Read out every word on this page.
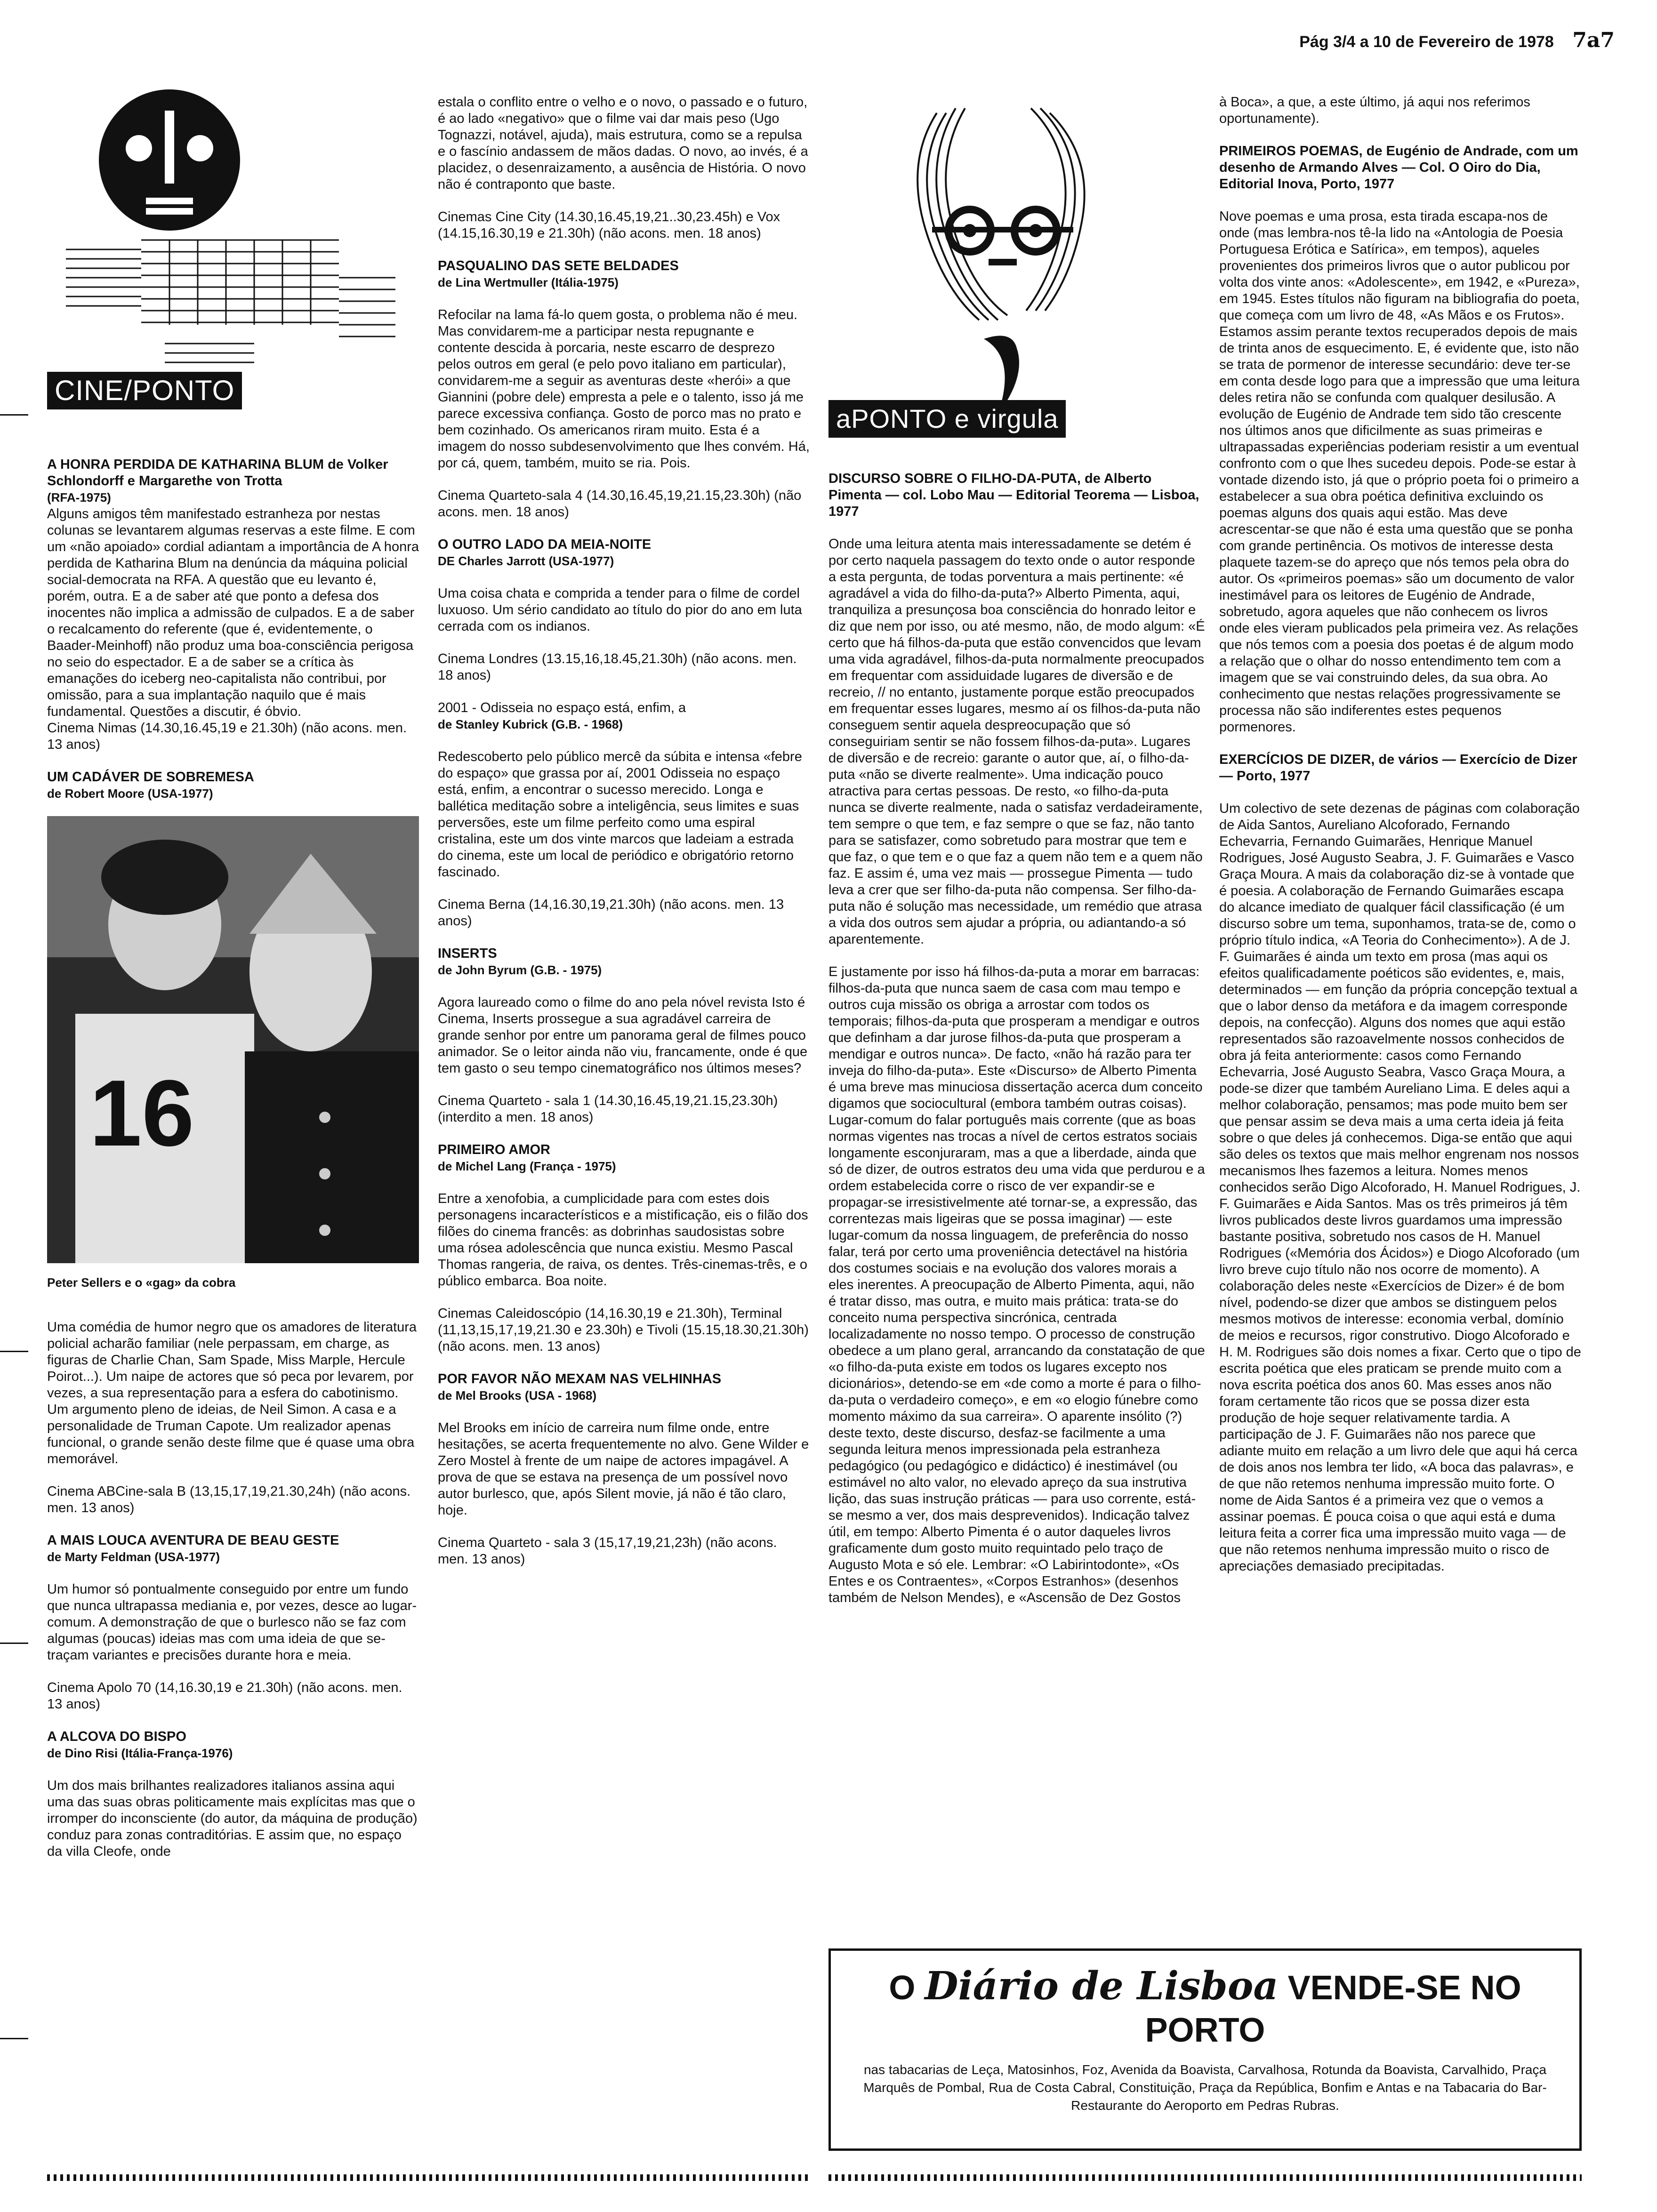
Pág 3/4 a 10 de Fevereiro de 1978 7a7
CINE/PONTO

A HONRA PERDIDA DE KATHARINA BLUM de Volker Schlondorff e Margarethe von Trotta
(RFA-1975)
Alguns amigos têm manifestado estranheza por nestas colunas se levantarem algumas reservas a este filme. E com um «não apoiado» cordial adiantam a importância de A honra perdida de Katharina Blum na denúncia da máquina policial social-democrata na RFA. A questão que eu levanto é, porém, outra. E a de saber até que ponto a defesa dos inocentes não implica a admissão de culpados. E a de saber o recalcamento do referente (que é, evidentemente, o Baader-Meinhoff) não produz uma boa-consciência perigosa no seio do espectador. E a de saber se a crítica às emanações do iceberg neo-capitalista não contribui, por omissão, para a sua implantação naquilo que é mais fundamental. Questões a discutir, é óbvio.
Cinema Nimas (14.30,16.45,19 e 21.30h) (não acons. men. 13 anos)

UM CADÁVER DE SOBREMESA
de Robert Moore (USA-1977)

16
Peter Sellers e o «gag» da cobra

Uma comédia de humor negro que os amadores de literatura policial acharão familiar (nele perpassam, em charge, as figuras de Charlie Chan, Sam Spade, Miss Marple, Hercule Poirot...). Um naipe de actores que só peca por levarem, por vezes, a sua representação para a esfera do cabotinismo. Um argumento pleno de ideias, de Neil Simon. A casa e a personalidade de Truman Capote. Um realizador apenas funcional, o grande senão deste filme que é quase uma obra memorável.

Cinema ABCine-sala B (13,15,17,19,21.30,24h) (não acons. men. 13 anos)

A MAIS LOUCA AVENTURA DE BEAU GESTE
de Marty Feldman (USA-1977)

Um humor só pontualmente conseguido por entre um fundo que nunca ultrapassa mediania e, por vezes, desce ao lugar-comum. A demonstração de que o burlesco não se faz com algumas (poucas) ideias mas com uma ideia de que se-traçam variantes e precisões durante hora e meia.

Cinema Apolo 70 (14,16.30,19 e 21.30h) (não acons. men. 13 anos)

A ALCOVA DO BISPO
de Dino Risi (Itália-França-1976)

Um dos mais brilhantes realizadores italianos assina aqui uma das suas obras politicamente mais explícitas mas que o irromper do inconsciente (do autor, da máquina de produção) conduz para zonas contraditórias. E assim que, no espaço da villa Cleofe, onde

estala o conflito entre o velho e o novo, o passado e o futuro, é ao lado «negativo» que o filme vai dar mais peso (Ugo Tognazzi, notável, ajuda), mais estrutura, como se a repulsa e o fascínio andassem de mãos dadas. O novo, ao invés, é a placidez, o desenraizamento, a ausência de História. O novo não é contraponto que baste.

Cinemas Cine City (14.30,16.45,19,21..30,23.45h) e Vox (14.15,16.30,19 e 21.30h) (não acons. men. 18 anos)

PASQUALINO DAS SETE BELDADES
de Lina Wertmuller (Itália-1975)

Refocilar na lama fá-lo quem gosta, o problema não é meu. Mas convidarem-me a participar nesta repugnante e contente descida à porcaria, neste escarro de desprezo pelos outros em geral (e pelo povo italiano em particular), convidarem-me a seguir as aventuras deste «herói» a que Giannini (pobre dele) empresta a pele e o talento, isso já me parece excessiva confiança. Gosto de porco mas no prato e bem cozinhado. Os americanos riram muito. Esta é a imagem do nosso subdesenvolvimento que lhes convém. Há, por cá, quem, também, muito se ria. Pois.

Cinema Quarteto-sala 4 (14.30,16.45,19,21.15,23.30h) (não acons. men. 18 anos)

O OUTRO LADO DA MEIA-NOITE
DE Charles Jarrott (USA-1977)

Uma coisa chata e comprida a tender para o filme de cordel luxuoso. Um sério candidato ao título do pior do ano em luta cerrada com os indianos.

Cinema Londres (13.15,16,18.45,21.30h) (não acons. men. 18 anos)

2001 - Odisseia no espaço está, enfim, a
de Stanley Kubrick (G.B. - 1968)

Redescoberto pelo público mercê da súbita e intensa «febre do espaço» que grassa por aí, 2001 Odisseia no espaço está, enfim, a encontrar o sucesso merecido. Longa e balléticа meditação sobre a inteligência, seus limites e suas perversões, este um filme perfeito como uma espiral cristalina, este um dos vinte marcos que ladeiam a estrada do cinema, este um local de periódico e obrigatório retorno fascinado.

Cinema Berna (14,16.30,19,21.30h) (não acons. men. 13 anos)

INSERTS
de John Byrum (G.B. - 1975)

Agora laureado como o filme do ano pela nóvel revista Isto é Cinema, Inserts prossegue a sua agradável carreira de grande senhor por entre um panorama geral de filmes pouco animador. Se o leitor ainda não viu, francamente, onde é que tem gasto o seu tempo cinematográfico nos últimos meses?

Cinema Quarteto - sala 1 (14.30,16.45,19,21.15,23.30h) (interdito a men. 18 anos)

PRIMEIRO AMOR
de Michel Lang (França - 1975)

Entre a xenofobia, a cumplicidade para com estes dois personagens incaracterísticos e a mistificação, eis o filão dos filões do cinema francês: as dobrinhas saudosistas sobre uma rósea adolescência que nunca existiu. Mesmo Pascal Thomas rangeria, de raiva, os dentes. Três-cinemas-três, e o público embarca. Boa noite.

Cinemas Caleidoscópio (14,16.30,19 e 21.30h), Terminal (11,13,15,17,19,21.30 e 23.30h) e Tivoli (15.15,18.30,21.30h) (não acons. men. 13 anos)

POR FAVOR NÃO MEXAM NAS VELHINHAS
de Mel Brooks (USA - 1968)

Mel Brooks em início de carreira num filme onde, entre hesitações, se acerta frequentemente no alvo. Gene Wilder e Zero Mostel à frente de um naipe de actores impagável. A prova de que se estava na presença de um possível novo autor burlesco, que, após Silent movie, já não é tão claro, hoje.

Cinema Quarteto - sala 3 (15,17,19,21,23h) (não acons. men. 13 anos)

aPONTO e virgula

DISCURSO SOBRE O FILHO-DA-PUTA, de Alberto Pimenta — col. Lobo Mau — Editorial Teorema — Lisboa, 1977

Onde uma leitura atenta mais interessadamente se detém é por certo naquela passagem do texto onde o autor responde a esta pergunta, de todas porventura a mais pertinente: «é agradável a vida do filho-da-puta?» Alberto Pimenta, aqui, tranquiliza a presunçosa boa consciência do honrado leitor e diz que nem por isso, ou até mesmo, não, de modo algum: «É certo que há filhos-da-puta que estão convencidos que levam uma vida agradável, filhos-da-puta normalmente preocupados em frequentar com assiduidade lugares de diversão e de recreio, // no entanto, justamente porque estão preocupados em frequentar esses lugares, mesmo aí os filhos-da-puta não conseguem sentir aquela despreocupação que só conseguiriam sentir se não fossem filhos-da-puta». Lugares de diversão e de recreio: garante o autor que, aí, o filho-da-puta «não se diverte realmente». Uma indicação pouco atractiva para certas pessoas. De resto, «o filho-da-puta nunca se diverte realmente, nada o satisfaz verdadeiramente, tem sempre o que tem, e faz sempre o que se faz, não tanto para se satisfazer, como sobretudo para mostrar que tem e que faz, o que tem e o que faz a quem não tem e a quem não faz. E assim é, uma vez mais — prossegue Pimenta — tudo leva a crer que ser filho-da-puta não compensa. Ser filho-da-puta não é solução mas necessidade, um remédio que atrasa a vida dos outros sem ajudar a própria, ou adiantando-a só aparentemente.

E justamente por isso há filhos-da-puta a morar em barracas: filhos-da-puta que nunca saem de casa com mau tempo e outros cuja missão os obriga a arrostar com todos os temporais; filhos-da-puta que prosperam a mendigar e outros que definham a dar jurose filhos-da-puta que prosperam a mendigar e outros nunca». De facto, «não há razão para ter inveja do filho-da-puta». Este «Discurso» de Alberto Pimenta é uma breve mas minuciosa dissertação acerca dum conceito digamos que sociocultural (embora também outras coisas). Lugar-comum do falar português mais corrente (que as boas normas vigentes nas trocas a nível de certos estratos sociais longamente esconjuraram, mas a que a liberdade, ainda que só de dizer, de outros estratos deu uma vida que perdurou e a ordem estabelecida corre o risco de ver expandir-se e propagar-se irresistivelmente até tornar-se, a expressão, das correntezas mais ligeiras que se possa imaginar) — este lugar-comum da nossa linguagem, de preferência do nosso falar, terá por certo uma proveniência detectável na história dos costumes sociais e na evolução dos valores morais a eles inerentes. A preocupação de Alberto Pimenta, aqui, não é tratar disso, mas outra, e muito mais prática: trata-se do conceito numa perspectiva sincrónica, centrada localizadamente no nosso tempo. O processo de construção obedece a um plano geral, arrancando da constatação de que «o filho-da-puta existe em todos os lugares excepto nos dicionários», detendo-se em «de como a morte é para o filho-da-puta o verdadeiro começo», e em «o elogio fúnebre como momento máximo da sua carreira». O aparente insólito (?) deste texto, deste discurso, desfaz-se facilmente a uma segunda leitura menos impressionada pela estranheza pedagógico (ou pedagógico e didáctico) é inestimável (ou estimável no alto valor, no elevado apreço da sua instrutiva lição, das suas instrução práticas — para uso corrente, está-se mesmo a ver, dos mais desprevenidos). Indicação talvez útil, em tempo: Alberto Pimenta é o autor daqueles livros graficamente dum gosto muito requintado pelo traço de Augusto Mota e só ele. Lembrar: «O Labirintodonte», «Os Entes e os Contraentes», «Corpos Estranhos» (desenhos também de Nelson Mendes), e «Ascensão de Dez Gostos

à Boca», a que, a este último, já aqui nos referimos oportunamente).

PRIMEIROS POEMAS, de Eugénio de Andrade, com um desenho de Armando Alves — Col. O Oiro do Dia, Editorial Inova, Porto, 1977

Nove poemas e uma prosa, esta tirada escapa-nos de onde (mas lembra-nos tê-la lido na «Antologia de Poesia Portuguesa Erótica e Satírica», em tempos), aqueles provenientes dos primeiros livros que o autor publicou por volta dos vinte anos: «Adolescente», em 1942, e «Pureza», em 1945. Estes títulos não figuram na bibliografia do poeta, que começa com um livro de 48, «As Mãos e os Frutos». Estamos assim perante textos recuperados depois de mais de trinta anos de esquecimento. E, é evidente que, isto não se trata de pormenor de interesse secundário: deve ter-se em conta desde logo para que a impressão que uma leitura deles retira não se confunda com qualquer desilusão. A evolução de Eugénio de Andrade tem sido tão crescente nos últimos anos que dificilmente as suas primeiras e ultrapassadas experiências poderiam resistir a um eventual confronto com o que lhes sucedeu depois. Pode-se estar à vontade dizendo isto, já que o próprio poeta foi o primeiro a estabelecer a sua obra poética definitiva excluindo os poemas alguns dos quais aqui estão. Mas deve acrescentar-se que não é esta uma questão que se ponha com grande pertinência. Os motivos de interesse desta plaquete tazem-se do apreço que nós temos pela obra do autor. Os «primeiros poemas» são um documento de valor inestimável para os leitores de Eugénio de Andrade, sobretudo, agora aqueles que não conhecem os livros onde eles vieram publicados pela primeira vez. As relações que nós temos com a poesia dos poetas é de algum modo a relação que o olhar do nosso entendimento tem com a imagem que se vai construindo deles, da sua obra. Ao conhecimento que nestas relações progressivamente se processa não são indiferentes estes pequenos pormenores.

EXERCÍCIOS DE DIZER, de vários — Exercício de Dizer — Porto, 1977

Um colectivo de sete dezenas de páginas com colaboração de Aida Santos, Aureliano Alcoforado, Fernando Echevarria, Fernando Guimarães, Henrique Manuel Rodrigues, José Augusto Seabra, J. F. Guimarães e Vasco Graça Moura. A mais da colaboração diz-se à vontade que é poesia. A colaboração de Fernando Guimarães escapa do alcance imediato de qualquer fácil classificação (é um discurso sobre um tema, suponhamos, trata-se de, como o próprio título indica, «A Teoria do Conhecimento»). A de J. F. Guimarães é ainda um texto em prosa (mas aqui os efeitos qualificadamente poéticos são evidentes, e, mais, determinados — em função da própria concepção textual a que o labor denso da metáfora e da imagem corresponde depois, na confecção). Alguns dos nomes que aqui estão representados são razoavelmente nossos conhecidos de obra já feita anteriormente: casos como Fernando Echevarria, José Augusto Seabra, Vasco Graça Moura, a pode-se dizer que também Aureliano Lima. E deles aqui a melhor colaboração, pensamos; mas pode muito bem ser que pensar assim se deva mais a uma certa ideia já feita sobre o que deles já conhecemos. Diga-se então que aqui são deles os textos que mais melhor engrenam nos nossos mecanismos lhes fazemos a leitura. Nomes menos conhecidos serão Digo Alcoforado, H. Manuel Rodrigues, J. F. Guimarães e Aida Santos. Mas os três primeiros já têm livros publicados deste livros guardamos uma impressão bastante positiva, sobretudo nos casos de H. Manuel Rodrigues («Memória dos Ácidos») e Diogo Alcoforado (um livro breve cujo título não nos ocorre de momento). A colaboração deles neste «Exercícios de Dizer» é de bom nível, podendo-se dizer que ambos se distinguem pelos mesmos motivos de interesse: economia verbal, domínio de meios e recursos, rigor construtivo. Diogo Alcoforado e H. M. Rodrigues são dois nomes a fixar. Certo que o tipo de escrita poética que eles praticam se prende muito com a nova escrita poética dos anos 60. Mas esses anos não foram certamente tão ricos que se possa dizer esta produção de hoje sequer relativamente tardia. A participação de J. F. Guimarães não nos parece que adiante muito em relação a um livro dele que aqui há cerca de dois anos nos lembra ter lido, «A boca das palavras», e de que não retemos nenhuma impressão muito forte. O nome de Aida Santos é a primeira vez que o vemos a assinar poemas. É pouca coisa o que aqui está e duma leitura feita a correr fica uma impressão muito vaga — de que não retemos nenhuma impressão muito o risco de apreciações demasiado precipitadas.

O Diário de Lisboa VENDE-SE NO PORTO
nas tabacarias de Leça, Matosinhos, Foz, Avenida da Boavista, Carvalhosa, Rotunda da Boavista, Carvalhido, Praça Marquês de Pombal, Rua de Costa Cabral, Constituição, Praça da República, Bonfim e Antas e na Tabacaria do Bar-Restaurante do Aeroporto em Pedras Rubras.
